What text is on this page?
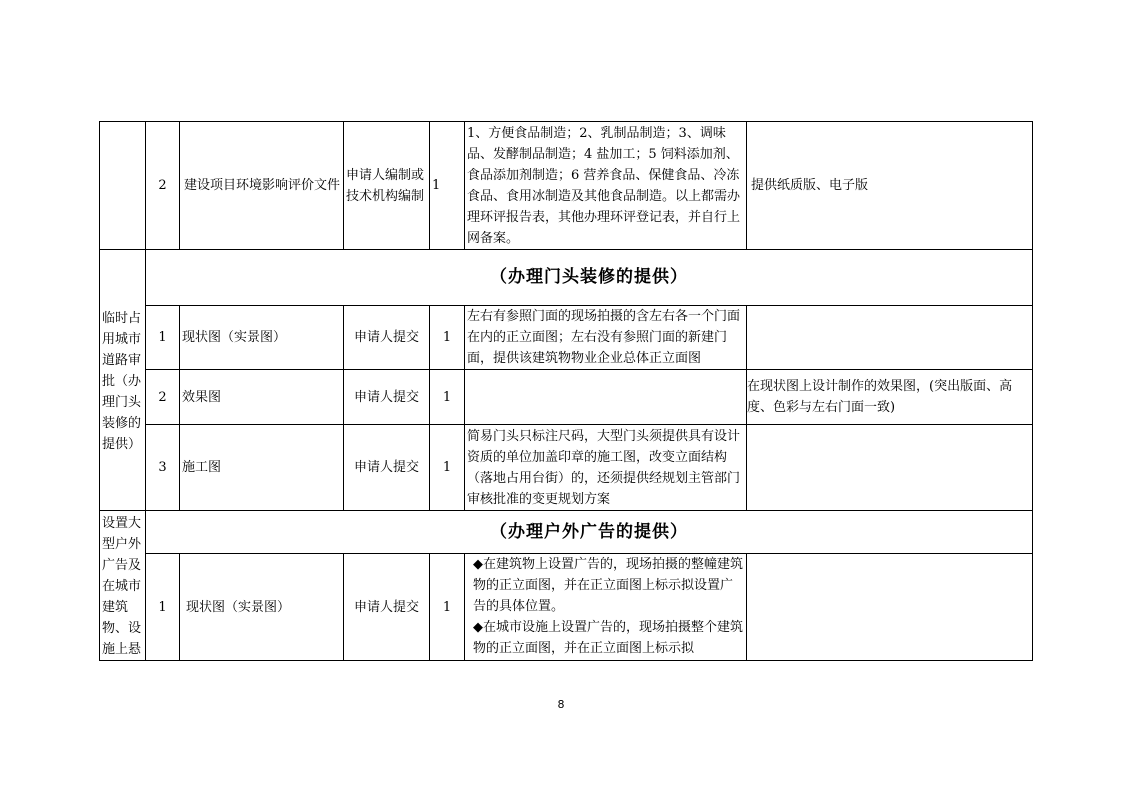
	2	建设项目环境影响评价文件	申请人编制或技术机构编制	1	1、方便食品制造；2、乳制品制造；3、调味品、发酵制品制造；4 盐加工；5 饲料添加剂、食品添加剂制造；6 营养食品、保健食品、冷冻食品、食用冰制造及其他食品制造。以上都需办理环评报告表，其他办理环评登记表，并自行上网备案。	提供纸质版、电子版
临时占用城市道路审批（办理门头装修的提供）	（办理门头装修的提供）					
	1	现状图（实景图）	申请人提交	1	左右有参照门面的现场拍摄的含左右各一个门面在内的正立面图；左右没有参照门面的新建门面，提供该建筑物物业企业总体正立面图	
	2	效果图	申请人提交	1		在现状图上设计制作的效果图，(突出版面、高度、色彩与左右门面一致)
	3	施工图	申请人提交	1	简易门头只标注尺码，大型门头须提供具有设计资质的单位加盖印章的施工图，改变立面结构（落地占用台街）的，还须提供经规划主管部门审核批准的变更规划方案	
设置大型户外广告及在城市建筑物、设施上悬	（办理户外广告的提供）					
	1	现状图（实景图）	申请人提交	1	◆在建筑物上设置广告的，现场拍摄的整幢建筑物的正立面图，并在正立面图上标示拟设置广告的具体位置。
◆在城市设施上设置广告的，现场拍摄整个建筑物的正立面图，并在正立面图上标示拟	

8
